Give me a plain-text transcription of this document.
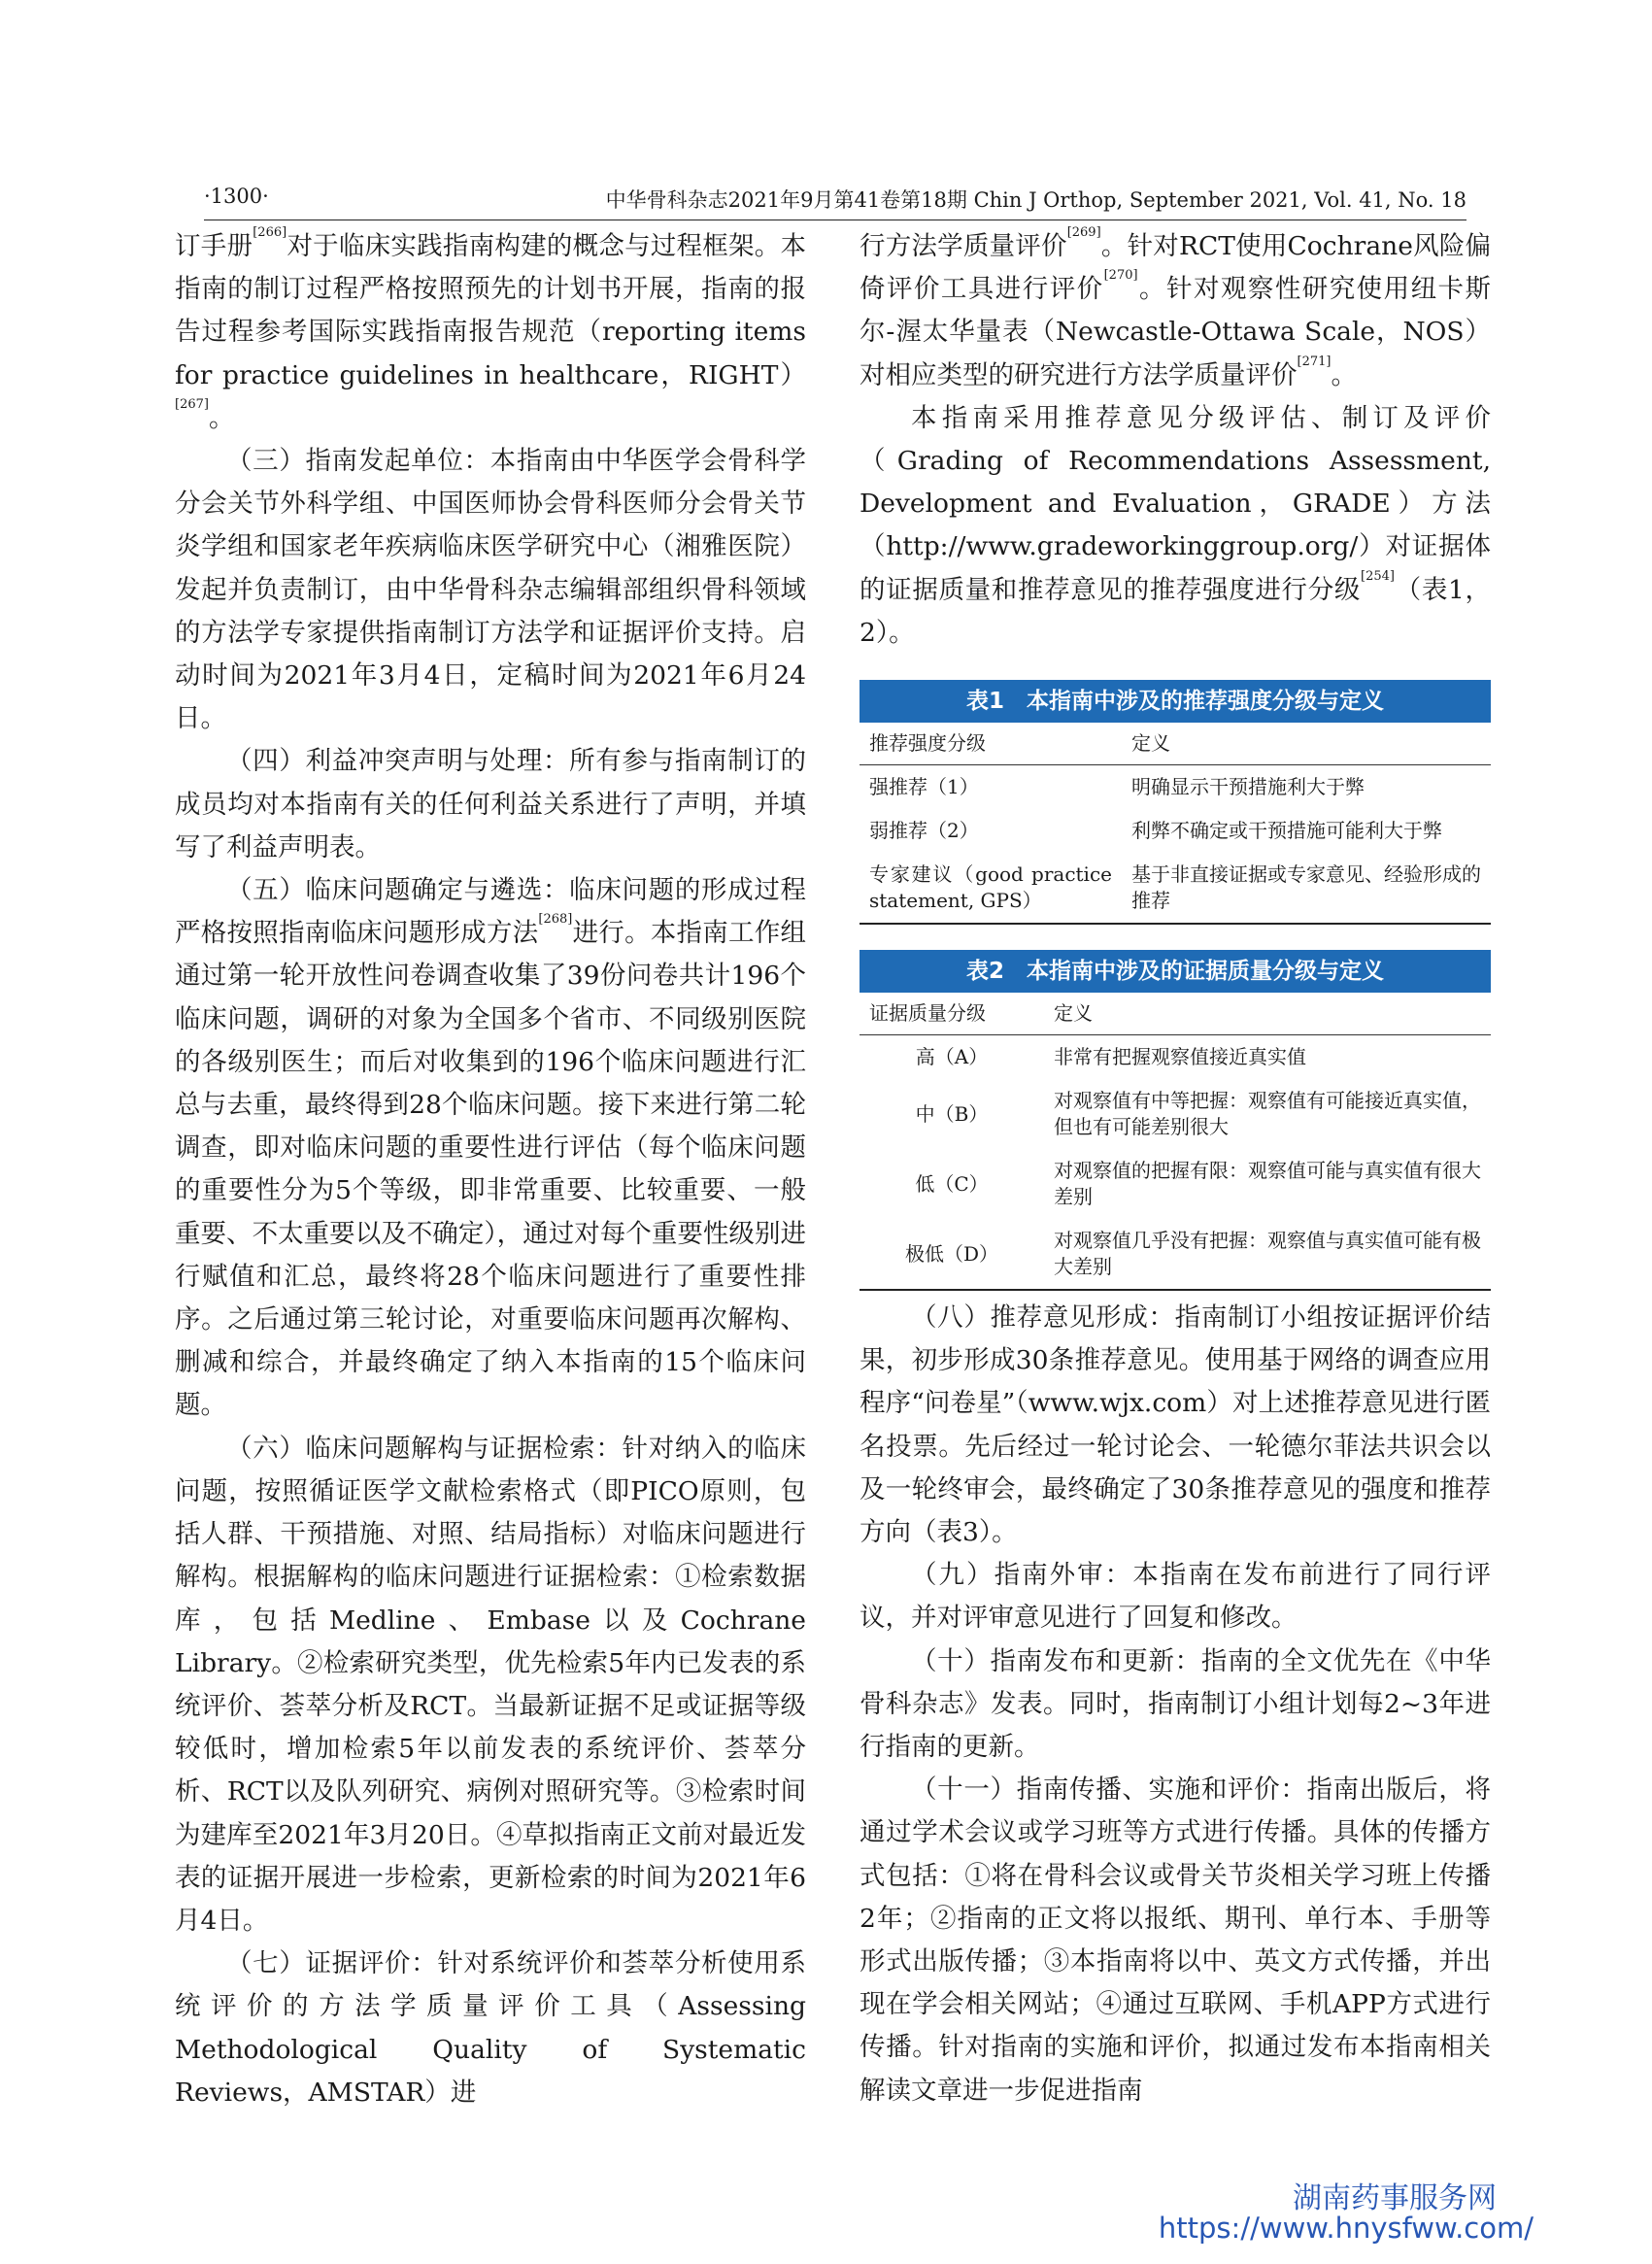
·1300·	中华骨科杂志2021年9月第41卷第18期 Chin J Orthop, September 2021, Vol. 41, No. 18

订手册[266]对于临床实践指南构建的概念与过程框架。本指南的制订过程严格按照预先的计划书开展，指南的报告过程参考国际实践指南报告规范（reporting items for practice guidelines in healthcare，RIGHT）[267]。

（三）指南发起单位：本指南由中华医学会骨科学分会关节外科学组、中国医师协会骨科医师分会骨关节炎学组和国家老年疾病临床医学研究中心（湘雅医院）发起并负责制订，由中华骨科杂志编辑部组织骨科领域的方法学专家提供指南制订方法学和证据评价支持。启动时间为2021年3月4日，定稿时间为2021年6月24日。

（四）利益冲突声明与处理：所有参与指南制订的成员均对本指南有关的任何利益关系进行了声明，并填写了利益声明表。

（五）临床问题确定与遴选：临床问题的形成过程严格按照指南临床问题形成方法[268]进行。本指南工作组通过第一轮开放性问卷调查收集了39份问卷共计196个临床问题，调研的对象为全国多个省市、不同级别医院的各级别医生；而后对收集到的196个临床问题进行汇总与去重，最终得到28个临床问题。接下来进行第二轮调查，即对临床问题的重要性进行评估（每个临床问题的重要性分为5个等级，即非常重要、比较重要、一般重要、不太重要以及不确定），通过对每个重要性级别进行赋值和汇总，最终将28个临床问题进行了重要性排序。之后通过第三轮讨论，对重要临床问题再次解构、删减和综合，并最终确定了纳入本指南的15个临床问题。

（六）临床问题解构与证据检索：针对纳入的临床问题，按照循证医学文献检索格式（即PICO原则，包括人群、干预措施、对照、结局指标）对临床问题进行解构。根据解构的临床问题进行证据检索：①检索数据库，包括Medline、Embase以及Cochrane Library。②检索研究类型，优先检索5年内已发表的系统评价、荟萃分析及RCT。当最新证据不足或证据等级较低时，增加检索5年以前发表的系统评价、荟萃分析、RCT以及队列研究、病例对照研究等。③检索时间为建库至2021年3月20日。④草拟指南正文前对最近发表的证据开展进一步检索，更新检索的时间为2021年6月4日。

（七）证据评价：针对系统评价和荟萃分析使用系统评价的方法学质量评价工具（Assessing Methodological Quality of Systematic Reviews，AMSTAR）进

行方法学质量评价[269]。针对RCT使用Cochrane风险偏倚评价工具进行评价[270]。针对观察性研究使用纽卡斯尔-渥太华量表（Newcastle-Ottawa Scale，NOS）对相应类型的研究进行方法学质量评价[271]。

本指南采用推荐意见分级评估、制订及评价（Grading of Recommendations Assessment, Development and Evaluation，GRADE）方法（http://www.gradeworkinggroup.org/）对证据体的证据质量和推荐意见的推荐强度进行分级[254]（表1，2）。

表1　本指南中涉及的推荐强度分级与定义
推荐强度分级	定义
强推荐（1）	明确显示干预措施利大于弊
弱推荐（2）	利弊不确定或干预措施可能利大于弊
专家建议（good practice statement, GPS）	基于非直接证据或专家意见、经验形成的推荐
表2　本指南中涉及的证据质量分级与定义
证据质量分级	定义
高（A）	非常有把握观察值接近真实值
中（B）	对观察值有中等把握：观察值有可能接近真实值，但也有可能差别很大
低（C）	对观察值的把握有限：观察值可能与真实值有很大差别
极低（D）	对观察值几乎没有把握：观察值与真实值可能有极大差别

（八）推荐意见形成：指南制订小组按证据评价结果，初步形成30条推荐意见。使用基于网络的调查应用程序“问卷星”（www.wjx.com）对上述推荐意见进行匿名投票。先后经过一轮讨论会、一轮德尔菲法共识会以及一轮终审会，最终确定了30条推荐意见的强度和推荐方向（表3）。

（九）指南外审：本指南在发布前进行了同行评议，并对评审意见进行了回复和修改。

（十）指南发布和更新：指南的全文优先在《中华骨科杂志》发表。同时，指南制订小组计划每2~3年进行指南的更新。

（十一）指南传播、实施和评价：指南出版后，将通过学术会议或学习班等方式进行传播。具体的传播方式包括：①将在骨科会议或骨关节炎相关学习班上传播2年；②指南的正文将以报纸、期刊、单行本、手册等形式出版传播；③本指南将以中、英文方式传播，并出现在学会相关网站；④通过互联网、手机APP方式进行传播。针对指南的实施和评价，拟通过发布本指南相关解读文章进一步促进指南

湖南药事服务网
https://www.hnysfww.com/
